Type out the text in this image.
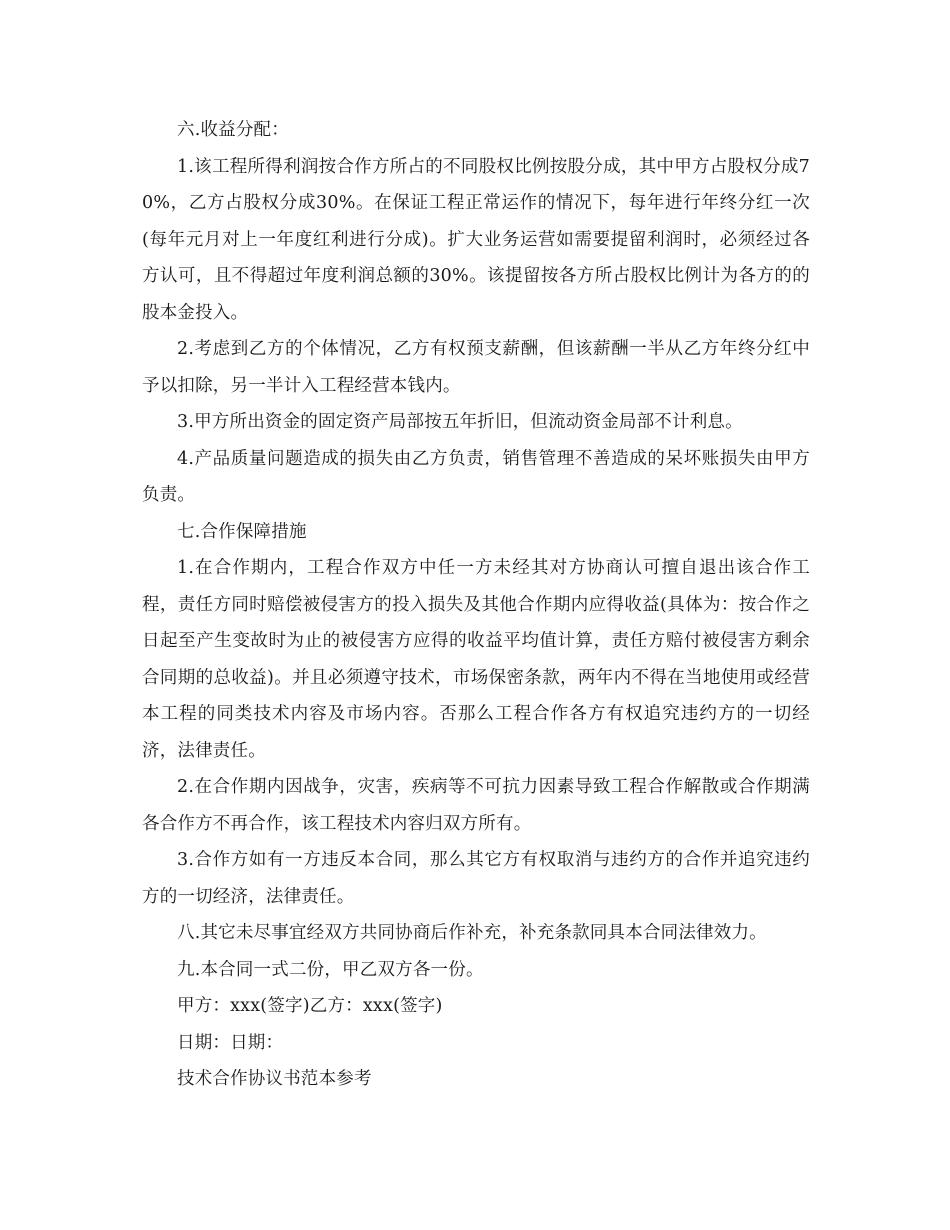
六.收益分配：

1.该工程所得利润按合作方所占的不同股权比例按股分成，其中甲方占股权分成70%，乙方占股权分成30%。在保证工程正常运作的情况下，每年进行年终分红一次(每年元月对上一年度红利进行分成)。扩大业务运营如需要提留利润时，必须经过各方认可，且不得超过年度利润总额的30%。该提留按各方所占股权比例计为各方的的股本金投入。

2.考虑到乙方的个体情况，乙方有权预支薪酬，但该薪酬一半从乙方年终分红中予以扣除，另一半计入工程经营本钱内。

3.甲方所出资金的固定资产局部按五年折旧，但流动资金局部不计利息。

4.产品质量问题造成的损失由乙方负责，销售管理不善造成的呆坏账损失由甲方负责。

七.合作保障措施

1.在合作期内，工程合作双方中任一方未经其对方协商认可擅自退出该合作工程，责任方同时赔偿被侵害方的投入损失及其他合作期内应得收益(具体为：按合作之日起至产生变故时为止的被侵害方应得的收益平均值计算，责任方赔付被侵害方剩余合同期的总收益)。并且必须遵守技术，市场保密条款，两年内不得在当地使用或经营本工程的同类技术内容及市场内容。否那么工程合作各方有权追究违约方的一切经济，法律责任。

2.在合作期内因战争，灾害，疾病等不可抗力因素导致工程合作解散或合作期满各合作方不再合作，该工程技术内容归双方所有。

3.合作方如有一方违反本合同，那么其它方有权取消与违约方的合作并追究违约方的一切经济，法律责任。

八.其它未尽事宜经双方共同协商后作补充，补充条款同具本合同法律效力。

九.本合同一式二份，甲乙双方各一份。

甲方：xxx(签字)乙方：xxx(签字)

日期：日期：

技术合作协议书范本参考
